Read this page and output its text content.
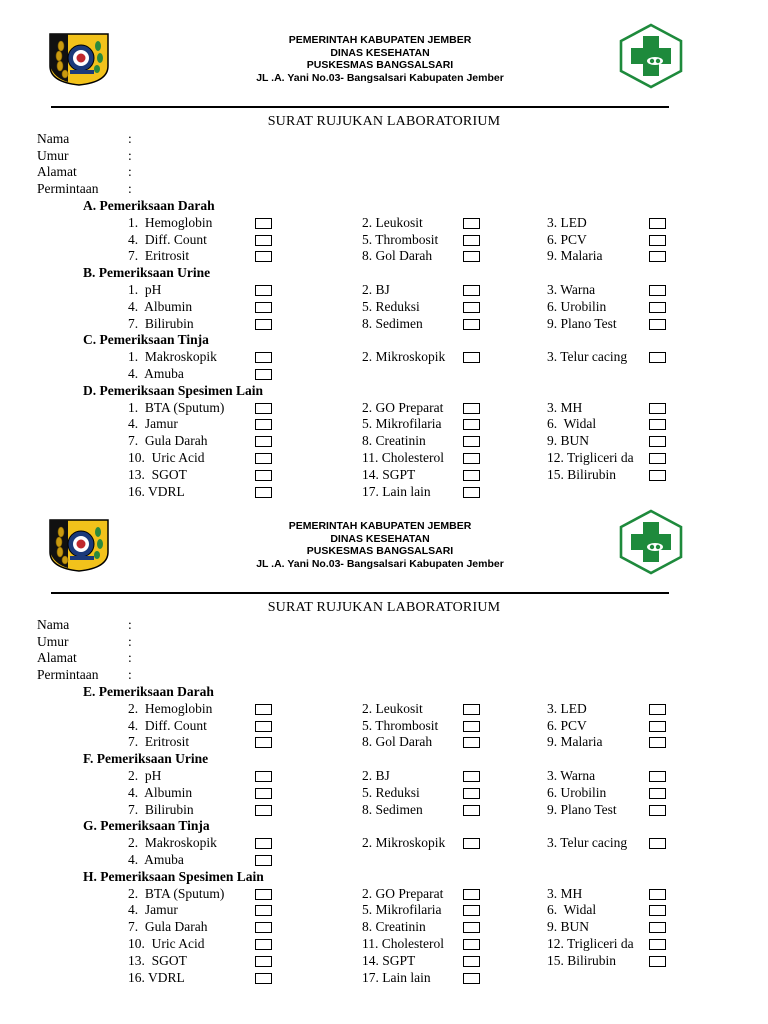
PEMERINTAH KABUPATEN JEMBER
DINAS KESEHATAN
PUSKESMAS BANGSALSARI
JL .A. Yani No.03- Bangsalsari Kabupaten Jember
SURAT RUJUKAN LABORATORIUM
Nama	:
Umur	:
Alamat	:
Permintaan :
A. Pemeriksaan Darah
1.  Hemoglobin	2. Leukosit	3. LED
4.  Diff. Count	5. Thrombosit	6. PCV
7.  Eritrosit	8. Gol Darah	9. Malaria
B. Pemeriksaan Urine
1.  pH	2. BJ	3. Warna
4.  Albumin	5. Reduksi	6. Urobilin
7.  Bilirubin	8. Sedimen	9. Plano Test
C. Pemeriksaan Tinja
1.  Makroskopik	2. Mikroskopik	3. Telur cacing
4.  Amuba
D. Pemeriksaan Spesimen Lain
1.  BTA (Sputum)	2. GO Preparat	3. MH
4.  Jamur	5. Mikrofilaria	6.  Widal
7.  Gula Darah	8. Creatinin	9. BUN
10.  Uric Acid	11. Cholesterol	12. Trigliceri da
13.  SGOT	14. SGPT	15. Bilirubin
16. VDRL	17. Lain lain
PEMERINTAH KABUPATEN JEMBER
DINAS KESEHATAN
PUSKESMAS BANGSALSARI
JL .A. Yani No.03- Bangsalsari Kabupaten Jember
SURAT RUJUKAN LABORATORIUM
Nama	:
Umur	:
Alamat	:
Permintaan :
E. Pemeriksaan Darah
2.  Hemoglobin	2. Leukosit	3. LED
4.  Diff. Count	5. Thrombosit	6. PCV
7.  Eritrosit	8. Gol Darah	9. Malaria
F. Pemeriksaan Urine
2.  pH	2. BJ	3. Warna
4.  Albumin	5. Reduksi	6. Urobilin
7.  Bilirubin	8. Sedimen	9. Plano Test
G. Pemeriksaan Tinja
2.  Makroskopik	2. Mikroskopik	3. Telur cacing
4.  Amuba
H. Pemeriksaan Spesimen Lain
2.  BTA (Sputum)	2. GO Preparat	3. MH
4.  Jamur	5. Mikrofilaria	6.  Widal
7.  Gula Darah	8. Creatinin	9. BUN
10.  Uric Acid	11. Cholesterol	12. Trigliceri da
13.  SGOT	14. SGPT	15. Bilirubin
16. VDRL	17. Lain lain
